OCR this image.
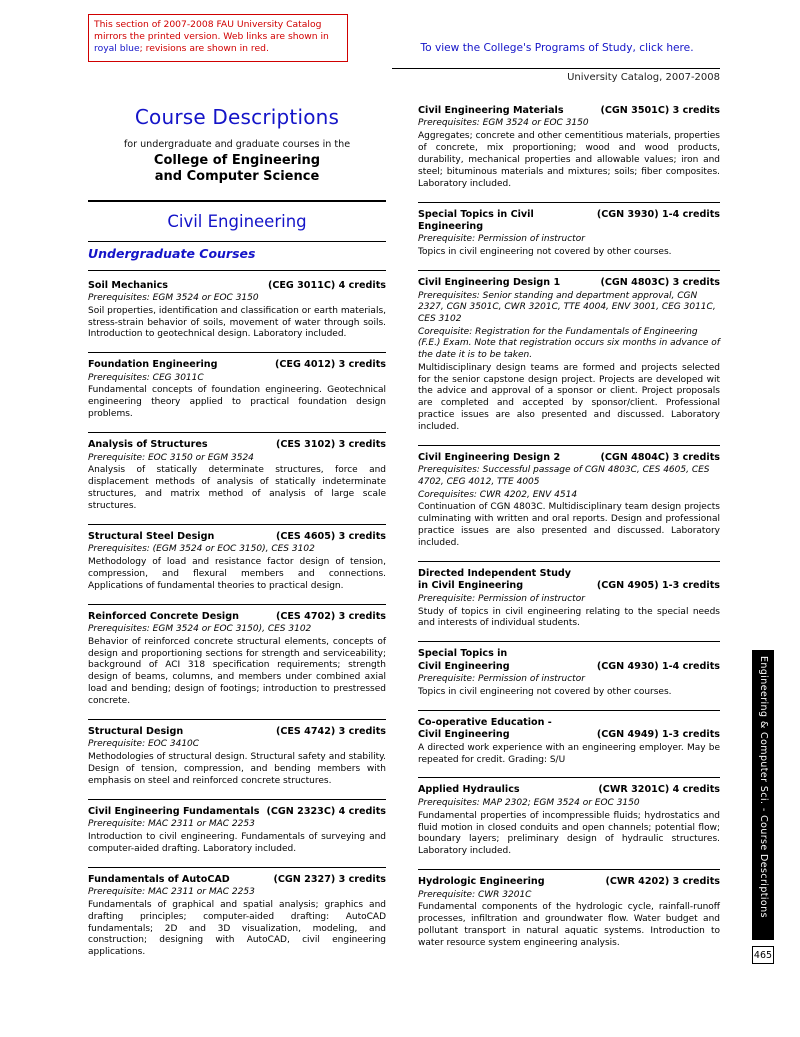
This section of 2007-2008 FAU University Catalog mirrors the printed version. Web links are shown in royal blue; revisions are shown in red.	To view the College's Programs of Study, click here.
University Catalog, 2007-2008
Course Descriptions
for undergraduate and graduate courses in the
College of Engineering
and Computer Science
Civil Engineering
Undergraduate Courses
Soil Mechanics	(CEG 3011C) 4 credits
Prerequisites: EGM 3524 or EOC 3150
Soil properties, identification and classification or earth materials, stress-strain behavior of soils, movement of water through soils. Introduction to geotechnical design. Laboratory included.
Foundation Engineering	(CEG 4012) 3 credits
Prerequisites: CEG 3011C
Fundamental concepts of foundation engineering. Geotechnical engineering theory applied to practical foundation design problems.
Analysis of Structures	(CES 3102) 3 credits
Prerequisite: EOC 3150 or EGM 3524
Analysis of statically determinate structures, force and displacement methods of analysis of statically indeterminate structures, and matrix method of analysis of large scale structures.
Structural Steel Design	(CES 4605) 3 credits
Prerequisites: (EGM 3524 or EOC 3150), CES 3102
Methodology of load and resistance factor design of tension, compression, and flexural members and connections. Applications of fundamental theories to practical design.
Reinforced Concrete Design	(CES 4702) 3 credits
Prerequisites: EGM 3524 or EOC 3150), CES 3102
Behavior of reinforced concrete structural elements, concepts of design and proportioning sections for strength and serviceability; background of ACI 318 specification requirements; strength design of beams, columns, and members under combined axial load and bending; design of footings; introduction to prestressed concrete.
Structural Design	(CES 4742) 3 credits
Prerequisite: EOC 3410C
Methodologies of structural design. Structural safety and stability. Design of tension, compression, and bending members with emphasis on steel and reinforced concrete structures.
Civil Engineering Fundamentals (CGN 2323C) 4 credits
Prerequisite: MAC 2311 or MAC 2253
Introduction to civil engineering. Fundamentals of surveying and computer-aided drafting. Laboratory included.
Fundamentals of AutoCAD	(CGN 2327) 3 credits
Prerequisite: MAC 2311 or MAC 2253
Fundamentals of graphical and spatial analysis; graphics and drafting principles; computer-aided drafting: AutoCAD fundamentals; 2D and 3D visualization, modeling, and construction; designing with AutoCAD, civil engineering applications.
Civil Engineering Materials	(CGN 3501C) 3 credits
Prerequisites: EGM 3524 or EOC 3150
Aggregates; concrete and other cementitious materials, properties of concrete, mix proportioning; wood and wood products, durability, mechanical properties and allowable values; iron and steel; bituminous materials and mixtures; soils; fiber composites. Laboratory included.
Special Topics in Civil Engineering
(CGN 3930) 1-4 credits
Prerequisite: Permission of instructor
Topics in civil engineering not covered by other courses.
Civil Engineering Design 1	(CGN 4803C) 3 credits
Prerequisites: Senior standing and department approval, CGN 2327, CGN 3501C, CWR 3201C, TTE 4004, ENV 3001, CEG 3011C, CES 3102
Corequisite: Registration for the Fundamentals of Engineering (F.E.) Exam. Note that registration occurs six months in advance of the date it is to be taken.
Multidisciplinary design teams are formed and projects selected for the senior capstone design project. Projects are developed wit the advice and approval of a sponsor or client. Project proposals are completed and accepted by sponsor/client. Professional practice issues are also presented and discussed. Laboratory included.
Civil Engineering Design 2	(CGN 4804C) 3 credits
Prerequisites: Successful passage of CGN 4803C, CES 4605, CES 4702, CEG 4012, TTE 4005
Corequisites: CWR 4202, ENV 4514
Continuation of CGN 4803C. Multidisciplinary team design projects culminating with written and oral reports. Design and professional practice issues are also presented and discussed. Laboratory included.
Directed Independent Study
in Civil Engineering	(CGN 4905) 1-3 credits
Prerequisite: Permission of instructor
Study of topics in civil engineering relating to the special needs and interests of individual students.
Special Topics in
Civil Engineering	(CGN 4930) 1-4 credits
Prerequisite: Permission of instructor
Topics in civil engineering not covered by other courses.
Co-operative Education -
Civil Engineering	(CGN 4949) 1-3 credits
A directed work experience with an engineering employer. May be repeated for credit. Grading: S/U
Applied Hydraulics	(CWR 3201C) 4 credits
Prerequisites: MAP 2302; EGM 3524 or EOC 3150
Fundamental properties of incompressible fluids; hydrostatics and fluid motion in closed conduits and open channels; potential flow; boundary layers; preliminary design of hydraulic structures. Laboratory included.
Hydrologic Engineering	(CWR 4202) 3 credits
Prerequisite: CWR 3201C
Fundamental components of the hydrologic cycle, rainfall-runoff processes, infiltration and groundwater flow. Water budget and pollutant transport in natural aquatic systems. Introduction to water resource system engineering analysis.
Engineering & Computer Sci. - Course Descriptions
465
